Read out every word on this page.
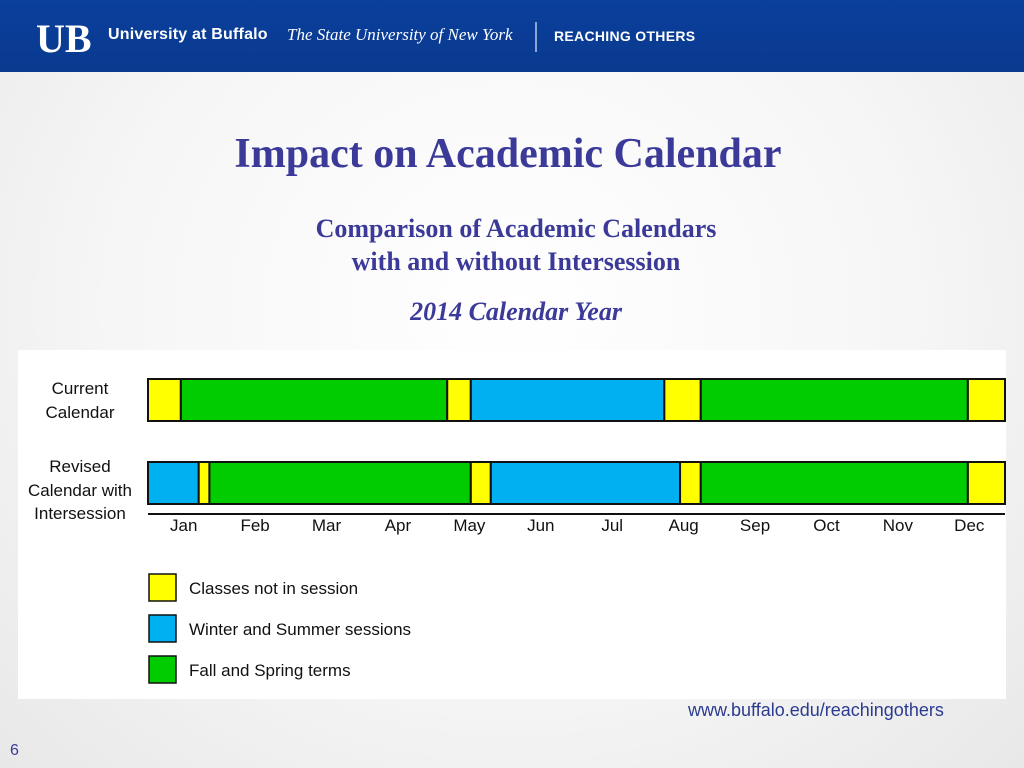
UB University at Buffalo The State University of New York	REACHING OTHERS
Impact on Academic Calendar
Comparison of Academic Calendars
with and without Intersession
2014 Calendar Year
Current
Calendar
Revised
Calendar with
Intersession
Jan	Feb Mar	Apr May Jun	Jul	Aug Sep	Oct	Nov Dec
Classes not in session
Winter and Summer sessions
Fall and Spring terms
www.buffalo.edu/reachingothers
6
